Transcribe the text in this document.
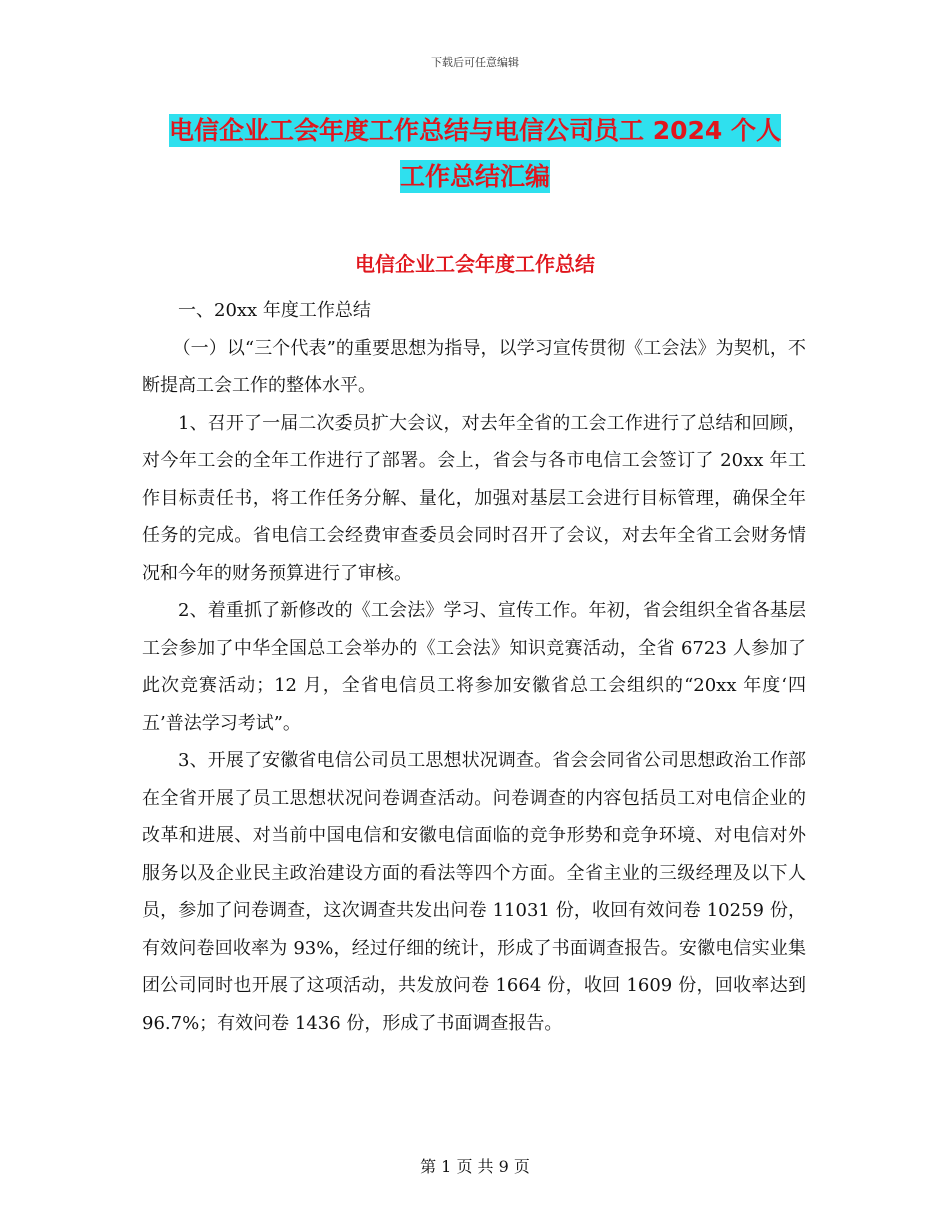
下载后可任意编辑
电信企业工会年度工作总结与电信公司员工 2024 个人
工作总结汇编
电信企业工会年度工作总结

一、20xx 年度工作总结

（一）以“三个代表”的重要思想为指导，以学习宣传贯彻《工会法》为契机，不断提高工会工作的整体水平。

1、召开了一届二次委员扩大会议，对去年全省的工会工作进行了总结和回顾，对今年工会的全年工作进行了部署。会上，省会与各市电信工会签订了 20xx 年工作目标责任书，将工作任务分解、量化，加强对基层工会进行目标管理，确保全年任务的完成。省电信工会经费审查委员会同时召开了会议，对去年全省工会财务情况和今年的财务预算进行了审核。

2、着重抓了新修改的《工会法》学习、宣传工作。年初，省会组织全省各基层工会参加了中华全国总工会举办的《工会法》知识竞赛活动，全省 6723 人参加了此次竞赛活动；12 月，全省电信员工将参加安徽省总工会组织的“20xx 年度‘四五’普法学习考试”。

3、开展了安徽省电信公司员工思想状况调查。省会会同省公司思想政治工作部在全省开展了员工思想状况问卷调查活动。问卷调查的内容包括员工对电信企业的改革和进展、对当前中国电信和安徽电信面临的竞争形势和竞争环境、对电信对外服务以及企业民主政治建设方面的看法等四个方面。全省主业的三级经理及以下人员，参加了问卷调查，这次调查共发出问卷 11031 份，收回有效问卷 10259 份，有效问卷回收率为 93%，经过仔细的统计，形成了书面调查报告。安徽电信实业集团公司同时也开展了这项活动，共发放问卷 1664 份，收回 1609 份，回收率达到 96.7%；有效问卷 1436 份，形成了书面调查报告。

第 1 页 共 9 页
